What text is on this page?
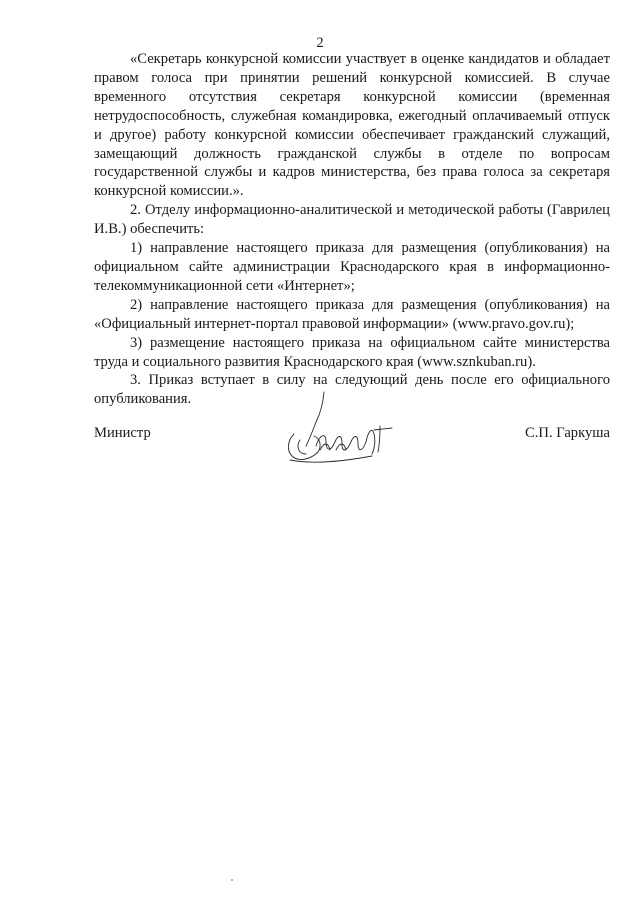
2

«Секретарь конкурсной комиссии участвует в оценке кандидатов и обладает правом голоса при принятии решений конкурсной комиссией. В случае временного отсутствия секретаря конкурсной комиссии (временная нетрудоспособность, служебная командировка, ежегодный оплачиваемый отпуск и другое) работу конкурсной комиссии обеспечивает гражданский служащий, замещающий должность гражданской службы в отделе по вопросам государственной службы и кадров министерства, без права голоса за секретаря конкурсной комиссии.».

2. Отделу информационно-аналитической и методической работы (Гаврилец И.В.) обеспечить:

1) направление настоящего приказа для размещения (опубликования) на официальном сайте администрации Краснодарского края в информационно-телекоммуникационной сети «Интернет»;

2) направление настоящего приказа для размещения (опубликования) на «Официальный интернет-портал правовой информации» (www.pravo.gov.ru);

3) размещение настоящего приказа на официальном сайте министерства труда и социального развития Краснодарского края (www.sznkuban.ru).

3. Приказ вступает в силу на следующий день после его официального опубликования.

Министр	С.П. Гаркуша
